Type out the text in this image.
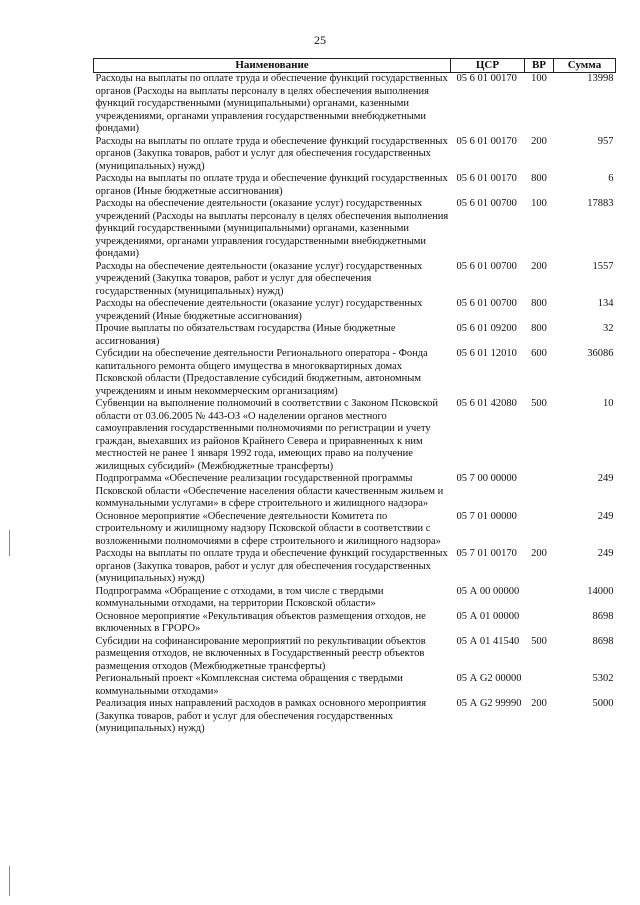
25
Наименование	ЦСР	ВР	Сумма
Расходы на выплаты по оплате труда и обеспечение функций государственных органов (Расходы на выплаты персоналу в целях обеспечения выполнения функций государственными (муниципальными) органами, казенными учреждениями, органами управления государственными внебюджетными фондами)	05 6 01 00170	100	13998
Расходы на выплаты по оплате труда и обеспечение функций государственных органов (Закупка товаров, работ и услуг для обеспечения государственных (муниципальных) нужд)	05 6 01 00170	200	957
Расходы на выплаты по оплате труда и обеспечение функций государственных органов (Иные бюджетные ассигнования)	05 6 01 00170	800	6
Расходы на обеспечение деятельности (оказание услуг) государственных учреждений (Расходы на выплаты персоналу в целях обеспечения выполнения функций государственными (муниципальными) органами, казенными учреждениями, органами управления государственными внебюджетными фондами)	05 6 01 00700	100	17883
Расходы на обеспечение деятельности (оказание услуг) государственных учреждений (Закупка товаров, работ и услуг для обеспечения государственных (муниципальных) нужд)	05 6 01 00700	200	1557
Расходы на обеспечение деятельности (оказание услуг) государственных учреждений (Иные бюджетные ассигнования)	05 6 01 00700	800	134
Прочие выплаты по обязательствам государства (Иные бюджетные ассигнования)	05 6 01 09200	800	32
Субсидии на обеспечение деятельности Регионального оператора - Фонда капитального ремонта общего имущества в многоквартирных домах Псковской области (Предоставление субсидий бюджетным, автономным учреждениям и иным некоммерческим организациям)	05 6 01 12010	600	36086
Субвенции на выполнение полномочий в соответствии с Законом Псковской области от 03.06.2005 № 443-ОЗ «О наделении органов местного самоуправления государственными полномочиями по регистрации и учету граждан, выехавших из районов Крайнего Севера и приравненных к ним местностей не ранее 1 января 1992 года, имеющих право на получение жилищных субсидий» (Межбюджетные трансферты)	05 6 01 42080	500	10
Подпрограмма «Обеспечение реализации государственной программы Псковской области «Обеспечение населения области качественным жильем и коммунальными услугами» в сфере строительного и жилищного надзора»	05 7 00 00000		249
Основное мероприятие «Обеспечение деятельности Комитета по строительному и жилищному надзору Псковской области в соответствии с возложенными полномочиями в сфере строительного и жилищного надзора»	05 7 01 00000		249
Расходы на выплаты по оплате труда и обеспечение функций государственных органов (Закупка товаров, работ и услуг для обеспечения государственных (муниципальных) нужд)	05 7 01 00170	200	249
Подпрограмма «Обращение с отходами, в том числе с твердыми коммунальными отходами, на территории Псковской области»	05 А 00 00000		14000
Основное мероприятие «Рекультивация объектов размещения отходов, не включенных в ГРОРО»	05 А 01 00000		8698
Субсидии на софинансирование мероприятий по рекультивации объектов размещения отходов, не включенных в Государственный реестр объектов размещения отходов (Межбюджетные трансферты)	05 А 01 41540	500	8698
Региональный проект «Комплексная система обращения с твердыми коммунальными отходами»	05 А G2 00000		5302
Реализация иных направлений расходов в рамках основного мероприятия (Закупка товаров, работ и услуг для обеспечения государственных (муниципальных) нужд)	05 А G2 99990	200	5000
